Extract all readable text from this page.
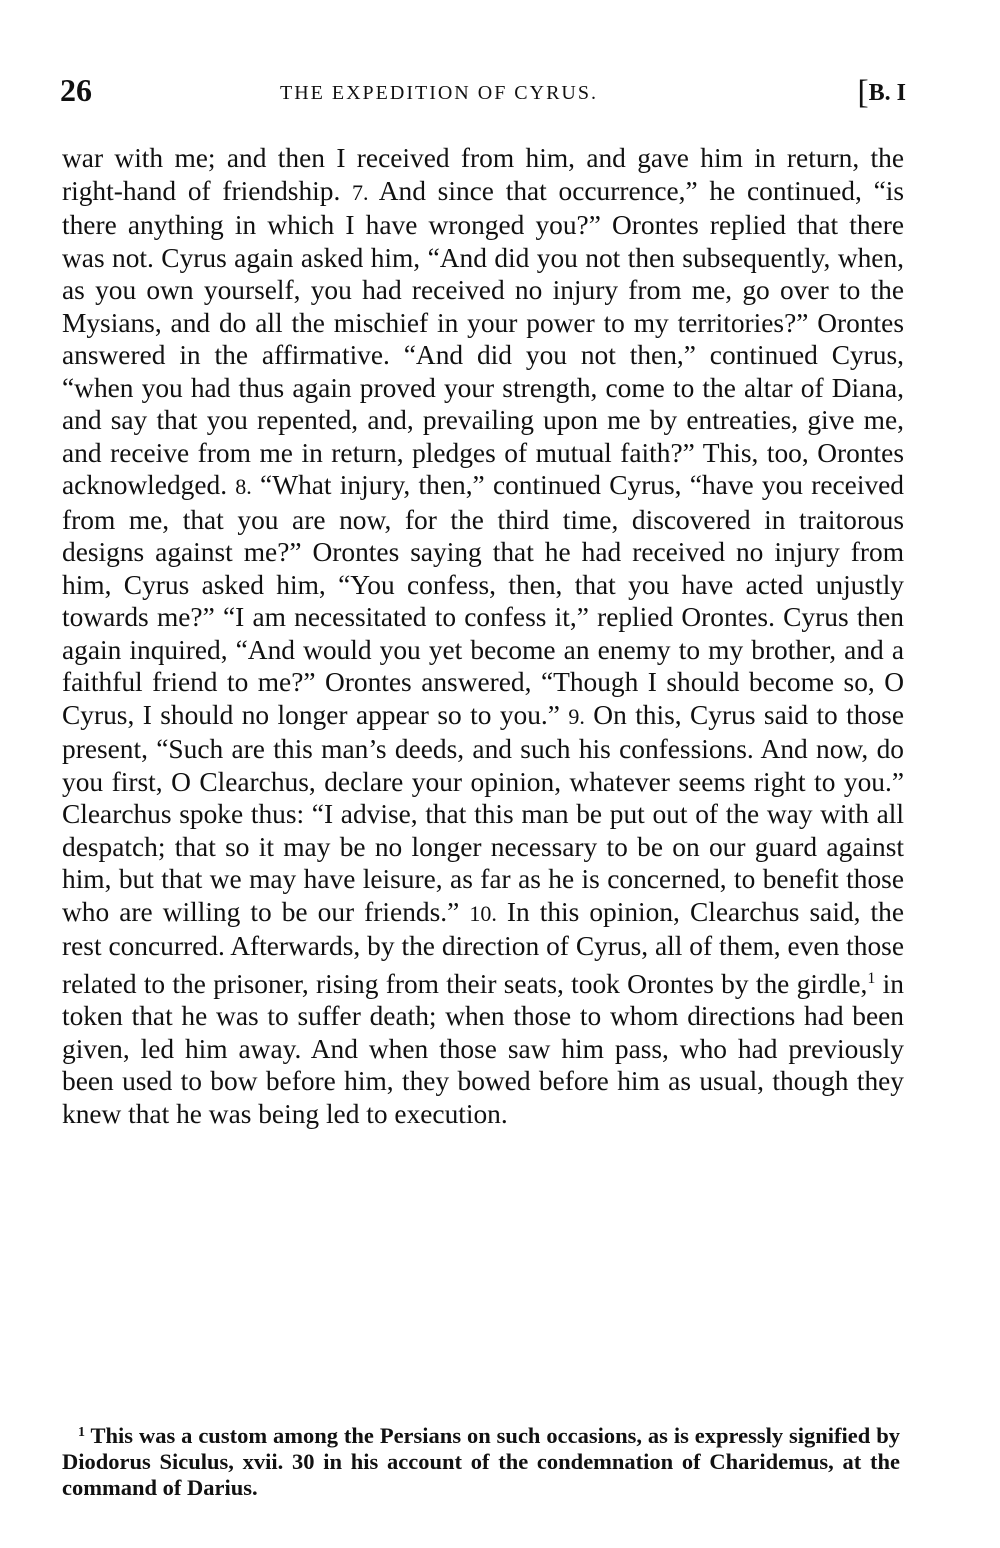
26	THE EXPEDITION OF CYRUS.	[B. I

war with me; and then I received from him, and gave him in return, the right-hand of friendship. 7. And since that occurrence,” he continued, “is there anything in which I have wronged you?” Orontes replied that there was not. Cyrus again asked him, “And did you not then subsequently, when, as you own yourself, you had received no injury from me, go over to the Mysians, and do all the mischief in your power to my territories?” Orontes answered in the affirmative. “And did you not then,” continued Cyrus, “when you had thus again proved your strength, come to the altar of Diana, and say that you repented, and, prevailing upon me by entreaties, give me, and receive from me in return, pledges of mutual faith?” This, too, Orontes acknowledged. 8. “What injury, then,” continued Cyrus, “have you received from me, that you are now, for the third time, discovered in traitorous designs against me?” Orontes saying that he had received no injury from him, Cyrus asked him, “You confess, then, that you have acted unjustly towards me?” “I am necessitated to confess it,” replied Orontes. Cyrus then again inquired, “And would you yet become an enemy to my brother, and a faithful friend to me?” Orontes answered, “Though I should become so, O Cyrus, I should no longer appear so to you.” 9. On this, Cyrus said to those present, “Such are this man’s deeds, and such his confessions. And now, do you first, O Clearchus, declare your opinion, whatever seems right to you.” Clearchus spoke thus: “I advise, that this man be put out of the way with all despatch; that so it may be no longer necessary to be on our guard against him, but that we may have leisure, as far as he is concerned, to benefit those who are willing to be our friends.” 10. In this opinion, Clearchus said, the rest concurred. Afterwards, by the direction of Cyrus, all of them, even those related to the prisoner, rising from their seats, took Orontes by the girdle,$^1$ in token that he was to suffer death; when those to whom directions had been given, led him away. And when those saw him pass, who had previously been used to bow before him, they bowed before him as usual, though they knew that he was being led to execution.

$^1$ This was a custom among the Persians on such occasions, as is expressly signified by Diodorus Siculus, xvii. 30 in his account of the condemnation of Charidemus, at the command of Darius.
